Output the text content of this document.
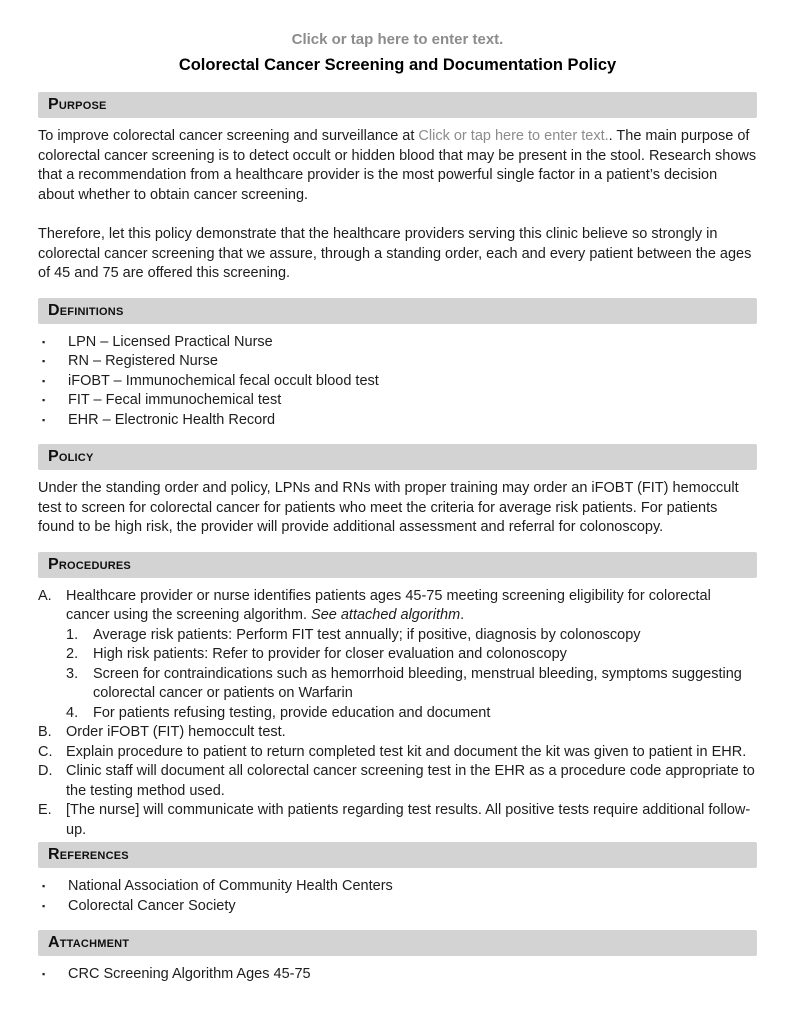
Click or tap here to enter text.

Colorectal Cancer Screening and Documentation Policy

Purpose

To improve colorectal cancer screening and surveillance at Click or tap here to enter text.. The main purpose of colorectal cancer screening is to detect occult or hidden blood that may be present in the stool. Research shows that a recommendation from a healthcare provider is the most powerful single factor in a patient’s decision about whether to obtain cancer screening.

Therefore, let this policy demonstrate that the healthcare providers serving this clinic believe so strongly in colorectal cancer screening that we assure, through a standing order, each and every patient between the ages of 45 and 75 are offered this screening.

Definitions
▪	LPN – Licensed Practical Nurse
▪	RN – Registered Nurse
▪	iFOBT – Immunochemical fecal occult blood test
▪	FIT – Fecal immunochemical test
▪	EHR – Electronic Health Record
Policy

Under the standing order and policy, LPNs and RNs with proper training may order an iFOBT (FIT) hemoccult test to screen for colorectal cancer for patients who meet the criteria for average risk patients. For patients found to be high risk, the provider will provide additional assessment and referral for colonoscopy.

Procedures
A. Healthcare provider or nurse identifies patients ages 45-75 meeting screening eligibility for colorectal cancer using the screening algorithm. See attached algorithm.
1.	Average risk patients: Perform FIT test annually; if positive, diagnosis by colonoscopy
2.	High risk patients: Refer to provider for closer evaluation and colonoscopy
3.	Screen for contraindications such as hemorrhoid bleeding, menstrual bleeding, symptoms suggesting colorectal cancer or patients on Warfarin
4.	For patients refusing testing, provide education and document
B. Order iFOBT (FIT) hemoccult test.
C. Explain procedure to patient to return completed test kit and document the kit was given to patient in EHR.
D. Clinic staff will document all colorectal cancer screening test in the EHR as a procedure code appropriate to the testing method used.
E. [The nurse] will communicate with patients regarding test results. All positive tests require additional follow-up.
References
▪	National Association of Community Health Centers
▪	Colorectal Cancer Society
Attachment
▪	CRC Screening Algorithm Ages 45-75
